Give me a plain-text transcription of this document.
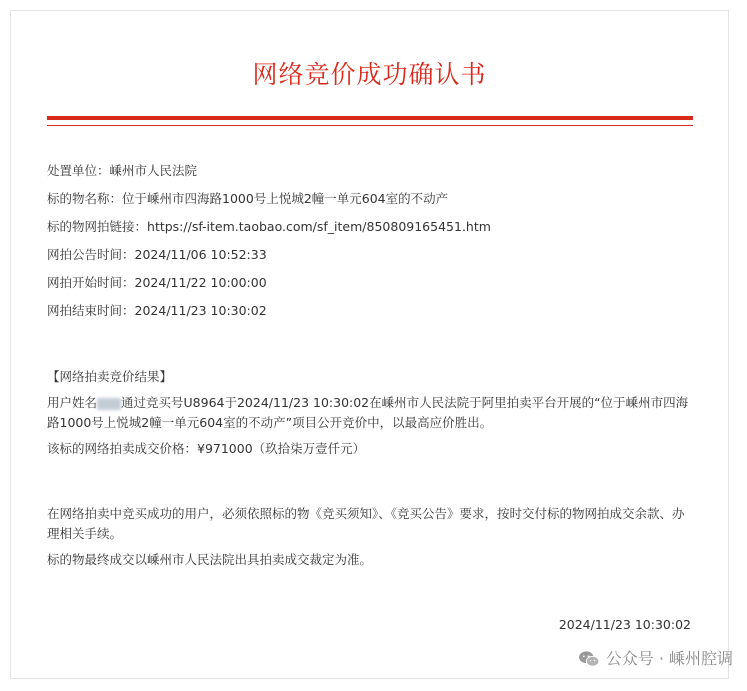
网络竞价成功确认书
处置单位：嵊州市人民法院
标的物名称：位于嵊州市四海路1000号上悦城2幢一单元604室的不动产
标的物网拍链接：https://sf-item.taobao.com/sf_item/850809165451.htm
网拍公告时间：2024/11/06 10:52:33
网拍开始时间：2024/11/22 10:00:00
网拍结束时间：2024/11/23 10:30:02
【网络拍卖竞价结果】
用户姓名 通过竞买号U8964于2024/11/23 10:30:02在嵊州市人民法院于阿里拍卖平台开展的“位于嵊州市四海路1000号上悦城2幢一单元604室的不动产”项目公开竞价中，以最高应价胜出。
该标的网络拍卖成交价格：¥971000（玖拾柒万壹仟元）
在网络拍卖中竞买成功的用户，必须依照标的物《竞买须知》、《竞买公告》要求，按时交付标的物网拍成交余款、办理相关手续。
标的物最终成交以嵊州市人民法院出具拍卖成交裁定为准。
2024/11/23 10:30:02
公众号 · 嵊州腔调
